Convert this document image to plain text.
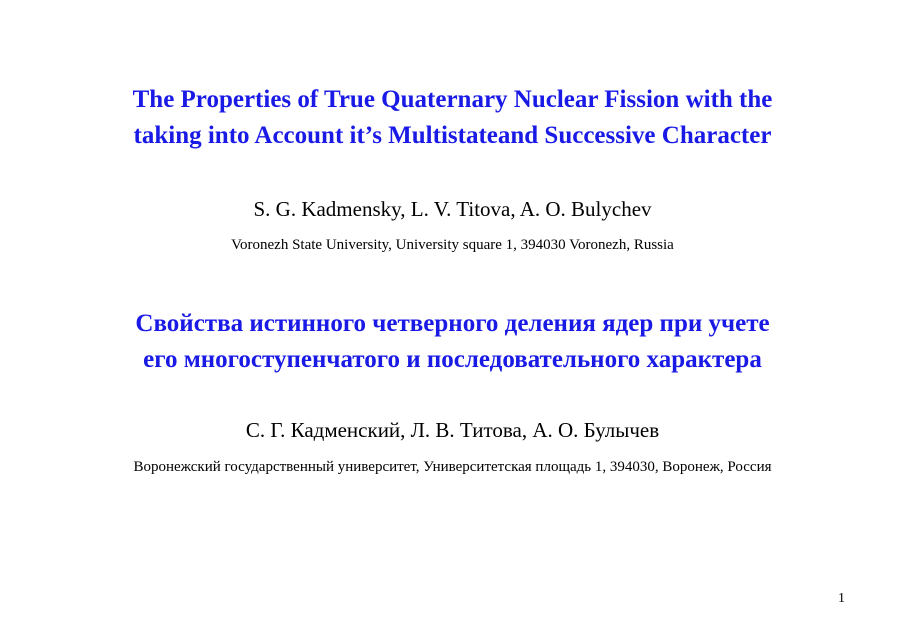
The Properties of True Quaternary Nuclear Fission with the
taking into Account it’s Multistateand Successive Character

S. G. Kadmensky, L. V. Titova, A. O. Bulychev

Voronezh State University, University square 1, 394030 Voronezh, Russia

Свойства истинного четверного деления ядер при учете
его многоступенчатого и последовательного характера

С. Г. Кадменский, Л. В. Титова, А. О. Булычев

Воронежский государственный университет, Университетская площадь 1, 394030, Воронеж, Россия

1
